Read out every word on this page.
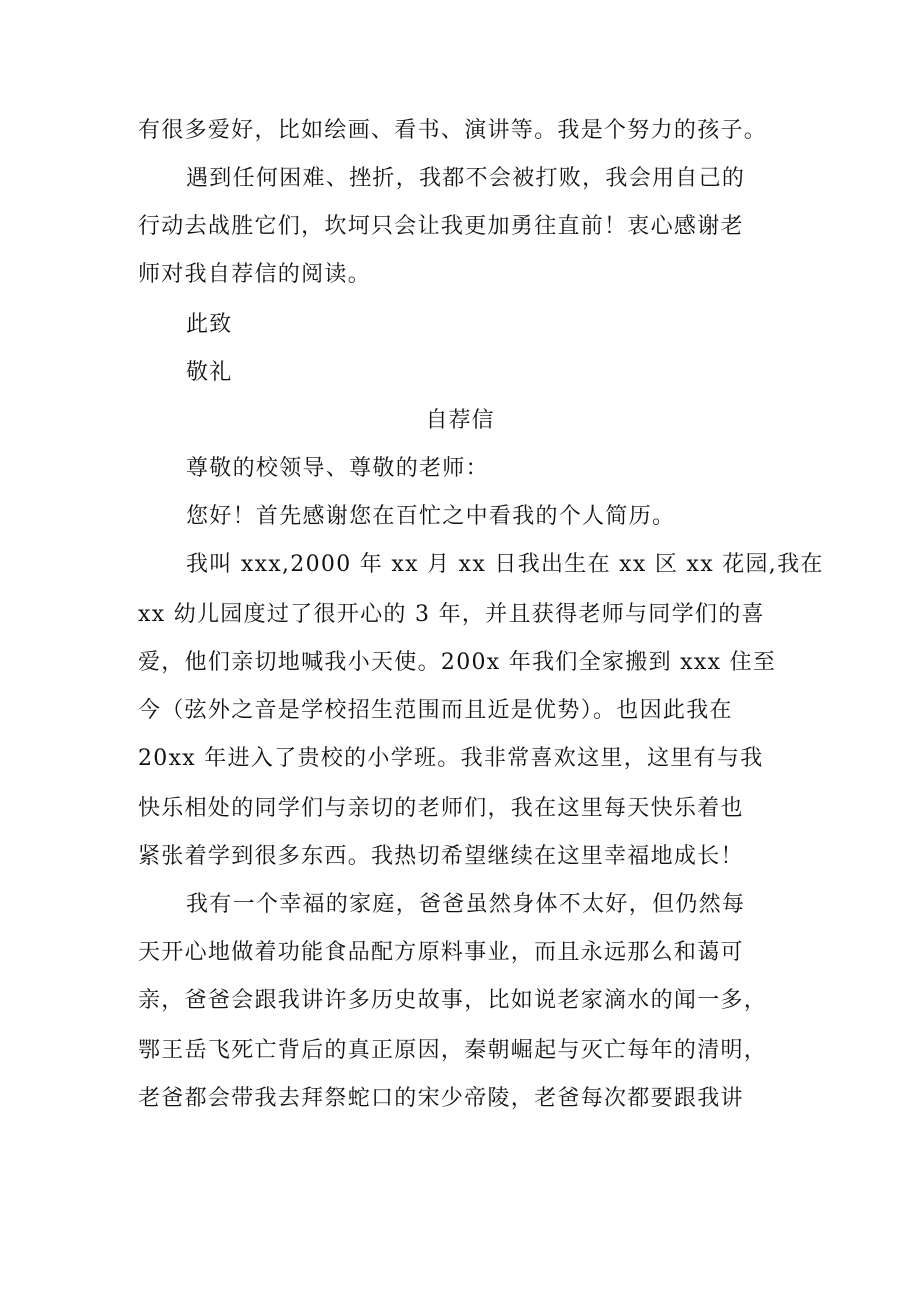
有很多爱好，比如绘画、看书、演讲等。我是个努力的孩子。
遇到任何困难、挫折，我都不会被打败，我会用自己的
行动去战胜它们，坎坷只会让我更加勇往直前！衷心感谢老
师对我自荐信的阅读。
此致
敬礼
自荐信
尊敬的校领导、尊敬的老师：
您好！首先感谢您在百忙之中看我的个人简历。
我叫 xxx,2000 年 xx 月 xx 日我出生在 xx 区 xx 花园,我在
xx 幼儿园度过了很开心的 3 年，并且获得老师与同学们的喜
爱，他们亲切地喊我小天使。200x 年我们全家搬到 xxx 住至
今（弦外之音是学校招生范围而且近是优势）。也因此我在
20xx 年进入了贵校的小学班。我非常喜欢这里，这里有与我
快乐相处的同学们与亲切的老师们，我在这里每天快乐着也
紧张着学到很多东西。我热切希望继续在这里幸福地成长！
我有一个幸福的家庭，爸爸虽然身体不太好，但仍然每
天开心地做着功能食品配方原料事业，而且永远那么和蔼可
亲，爸爸会跟我讲许多历史故事，比如说老家滴水的闻一多，
鄂王岳飞死亡背后的真正原因，秦朝崛起与灭亡每年的清明，
老爸都会带我去拜祭蛇口的宋少帝陵，老爸每次都要跟我讲
